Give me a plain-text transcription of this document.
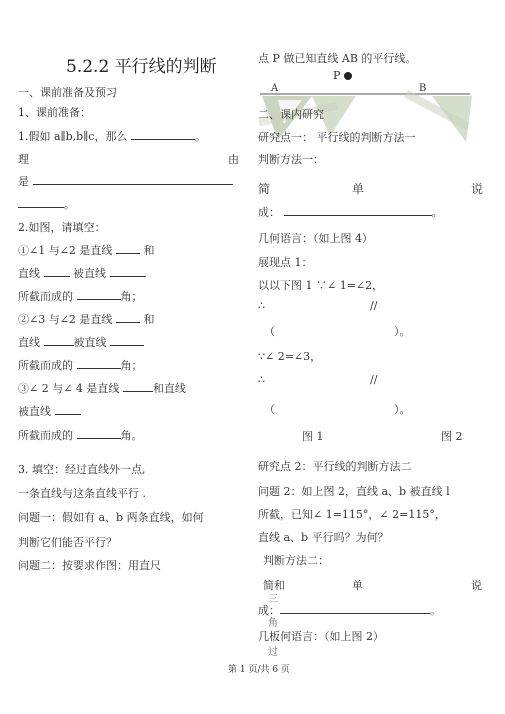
5.2.2 平行线的判断
一、课前准备及预习
1、课前准备：
1.假如 a∥b,b∥c，那么	。
理	由
是
。
2.如图，请填空：
①∠1 与∠2 是直线	和
直线	被直线
所截而成的	角；
②∠3 与∠2 是直线	和
直线	被直线
所截而成的	角；
③∠ 2 与∠ 4 是直线	和直线
被直线
所截而成的	角。
3. 填空：经过直线外一点,
一条直线与这条直线平行 .
问题一：假如有 a、b 两条直线，如何
判断它们能否平行？
问题二：按要求作图：用直尺
点 P 做已知直线 AB 的平行线。
P
A	B
二、课内研究
研究点一： 平行线的判断方法一
判断方法一：
简	单	说
成：	。
几何语言：（如上图 4）
展现点 1：
以以下图 1 ∵∠ 1=∠2，
∴	//
（	）。
∵∠ 2=∠3，
∴	//
（	）。
图 1	图 2
研究点 2：平行线的判断方法二
问题 2：如上图 2，直线 a、b 被直线 l
所截，已知∠ 1=115°，∠ 2=115°，
直线 a、b 平行吗？为何？
判断方法二：
简和	单	说
三
成：	。
角
几板何语言：（如上图 2）
过
第 1 页/共 6 页
